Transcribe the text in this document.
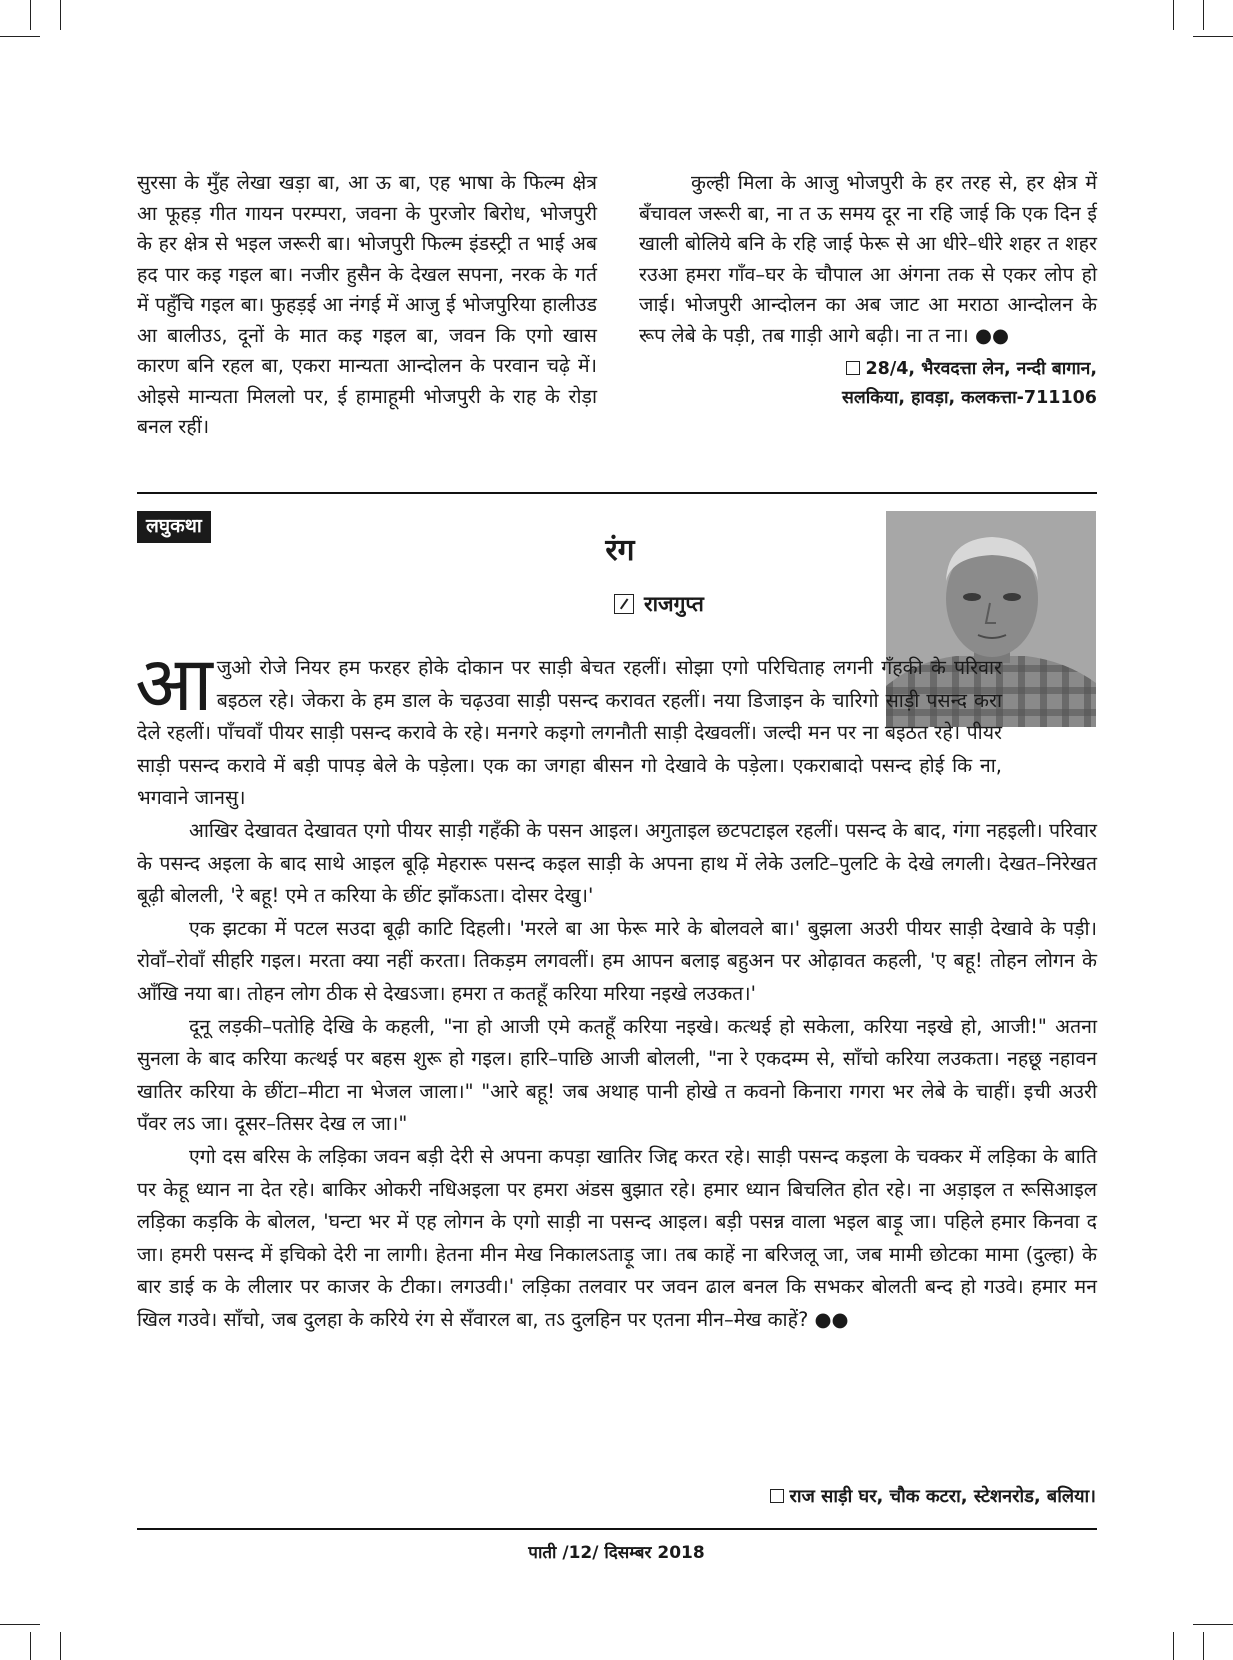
सुरसा के मुँह लेखा खड़ा बा, आ ऊ बा, एह भाषा के फिल्म क्षेत्र आ फूहड़ गीत गायन परम्परा, जवना के पुरजोर बिरोध, भोजपुरी के हर क्षेत्र से भइल जरूरी बा। भोजपुरी फिल्म इंडस्ट्री त भाई अब हद पार कइ गइल बा। नजीर हुसैन के देखल सपना, नरक के गर्त में पहुँचि गइल बा। फुहड़ई आ नंगई में आजु ई भोजपुरिया हालीउड आ बालीउऽ, दूनों के मात कइ गइल बा, जवन कि एगो खास कारण बनि रहल बा, एकरा मान्यता आन्दोलन के परवान चढ़े में। ओइसे मान्यता मिललो पर, ई हामाहूमी भोजपुरी के राह के रोड़ा बनल रहीं।

कुल्ही मिला के आजु भोजपुरी के हर तरह से, हर क्षेत्र में बँचावल जरूरी बा, ना त ऊ समय दूर ना रहि जाई कि एक दिन ई खाली बोलिये बनि के रहि जाई फेरू से आ धीरे–धीरे शहर त शहर रउआ हमरा गाँव–घर के चौपाल आ अंगना तक से एकर लोप हो जाई। भोजपुरी आन्दोलन का अब जाट आ मराठा आन्दोलन के रूप लेबे के पड़ी, तब गाड़ी आगे बढ़ी। ना त ना। ●●

28/4, भैरवदत्ता लेन, नन्दी बागान,
सलकिया, हावड़ा, कलकत्ता-711106
लघुकथा
रंग
राजगुप्त

आजुओ रोजे नियर हम फरहर होके दोकान पर साड़ी बेचत रहलीं। सोझा एगो परिचिताह लगनी गँहकी के परिवार बइठल रहे। जेकरा के हम डाल के चढ़उवा साड़ी पसन्द करावत रहलीं। नया डिजाइन के चारिगो साड़ी पसन्द करा देले रहलीं। पाँचवाँ पीयर साड़ी पसन्द करावे के रहे। मनगरे कइगो लगनौती साड़ी देखवलीं। जल्दी मन पर ना बइठत रहे। पीयर साड़ी पसन्द करावे में बड़ी पापड़ बेले के पड़ेला। एक का जगहा बीसन गो देखावे के पड़ेला। एकराबादो पसन्द होई कि ना, भगवाने जानसु।

आखिर देखावत देखावत एगो पीयर साड़ी गहँकी के पसन आइल। अगुताइल छटपटाइल रहलीं। पसन्द के बाद, गंगा नहइली। परिवार के पसन्द अइला के बाद साथे आइल बूढ़ि मेहरारू पसन्द कइल साड़ी के अपना हाथ में लेके उलटि–पुलटि के देखे लगली। देखत–निरेखत बूढ़ी बोलली, 'रे बहू! एमे त करिया के छींट झाँकऽता। दोसर देखु।'

एक झटका में पटल सउदा बूढ़ी काटि दिहली। 'मरले बा आ फेरू मारे के बोलवले बा।' बुझला अउरी पीयर साड़ी देखावे के पड़ी। रोवाँ–रोवाँ सीहरि गइल। मरता क्या नहीं करता। तिकड़म लगवलीं। हम आपन बलाइ बहुअन पर ओढ़ावत कहली, 'ए बहू! तोहन लोगन के आँखि नया बा। तोहन लोग ठीक से देखऽजा। हमरा त कतहूँ करिया मरिया नइखे लउकत।'

दूनू लड़की–पतोहि देखि के कहली, "ना हो आजी एमे कतहूँ करिया नइखे। कत्थई हो सकेला, करिया नइखे हो, आजी!" अतना सुनला के बाद करिया कत्थई पर बहस शुरू हो गइल। हारि–पाछि आजी बोलली, "ना रे एकदम्म से, साँचो करिया लउकता। नहछू नहावन खातिर करिया के छींटा–मीटा ना भेजल जाला।" "आरे बहू! जब अथाह पानी होखे त कवनो किनारा गगरा भर लेबे के चाहीं। इची अउरी पँवर लऽ जा। दूसर–तिसर देख ल जा।"

एगो दस बरिस के लड़िका जवन बड़ी देरी से अपना कपड़ा खातिर जिद्द करत रहे। साड़ी पसन्द कइला के चक्कर में लड़िका के बाति पर केहू ध्यान ना देत रहे। बाकिर ओकरी नधिअइला पर हमरा अंडस बुझात रहे। हमार ध्यान बिचलित होत रहे। ना अड़ाइल त रूसिआइल लड़िका कड़कि के बोलल, 'घन्टा भर में एह लोगन के एगो साड़ी ना पसन्द आइल। बड़ी पसन्न वाला भइल बाड़ू जा। पहिले हमार किनवा द जा। हमरी पसन्द में इचिको देरी ना लागी। हेतना मीन मेख निकालऽताड़ू जा। तब काहें ना बरिजलू जा, जब मामी छोटका मामा (दुल्हा) के बार डाई क के लीलार पर काजर के टीका। लगउवी।' लड़िका तलवार पर जवन ढाल बनल कि सभकर बोलती बन्द हो गउवे। हमार मन खिल गउवे। साँचो, जब दुलहा के करिये रंग से सँवारल बा, तऽ दुलहिन पर एतना मीन–मेख काहें? ●●

राज साड़ी घर, चौक कटरा, स्टेशनरोड, बलिया।
पाती /12/ दिसम्बर 2018
